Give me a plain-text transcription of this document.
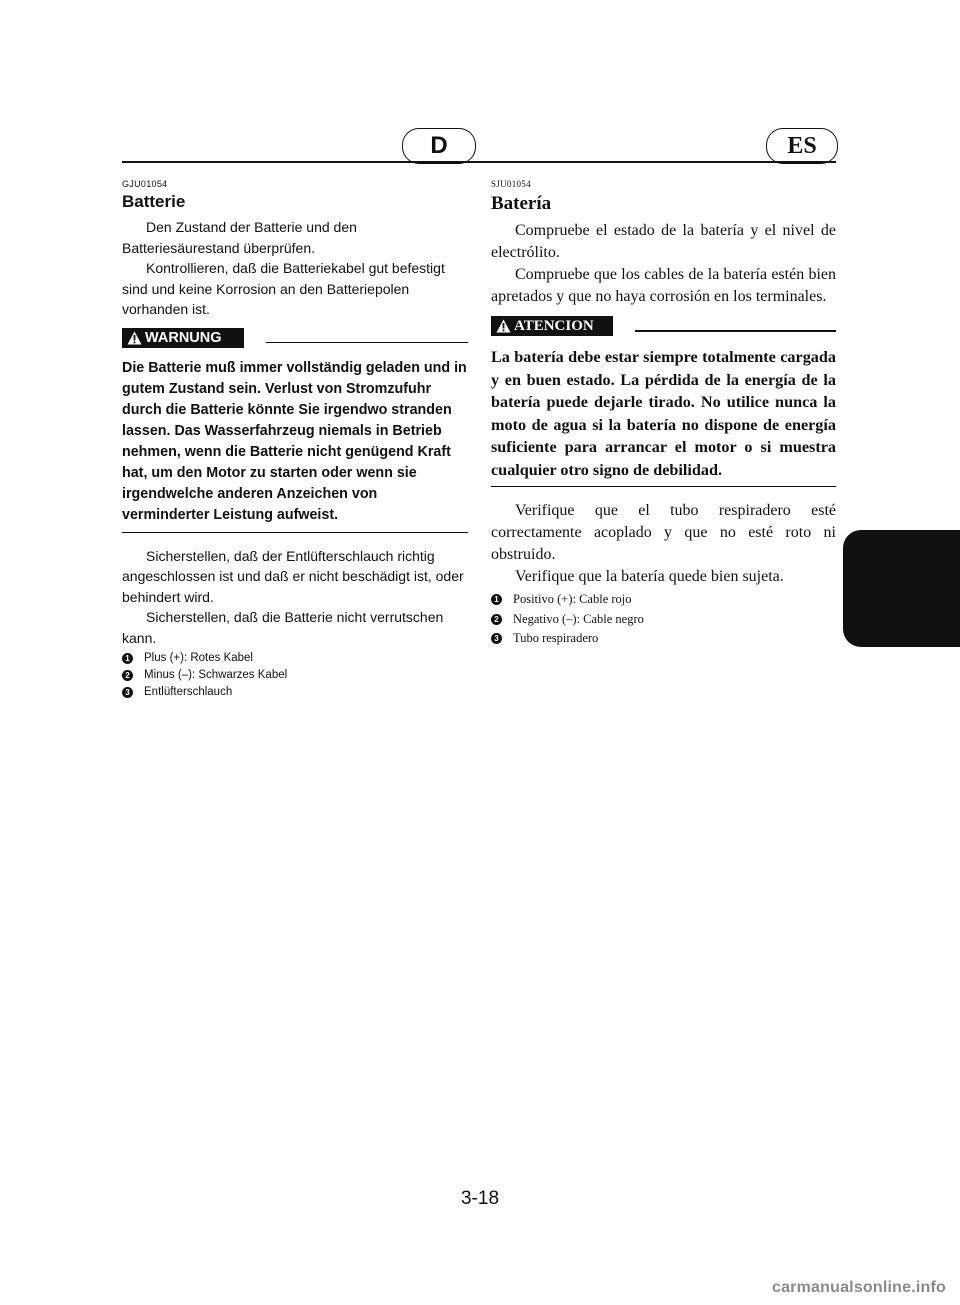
D	ES

GJU01054

Batterie

Den Zustand der Batterie und den Batteriesäurestand überprüfen.

Kontrollieren, daß die Batteriekabel gut befestigt sind und keine Korrosion an den Batteriepolen vorhanden ist.

WARNUNG

Die Batterie muß immer vollständig geladen und in gutem Zustand sein. Verlust von Stromzufuhr durch die Batterie könnte Sie irgendwo stranden lassen. Das Wasserfahrzeug niemals in Betrieb nehmen, wenn die Batterie nicht genügend Kraft hat, um den Motor zu starten oder wenn sie irgendwelche anderen Anzeichen von verminderter Leistung aufweist.

Sicherstellen, daß der Entlüfterschlauch richtig angeschlossen ist und daß er nicht beschädigt ist, oder behindert wird.

Sicherstellen, daß die Batterie nicht verrutschen kann.

1 Plus (+): Rotes Kabel
2 Minus (–): Schwarzes Kabel
3 Entlüfterschlauch

SJU01054

Batería

Compruebe el estado de la batería y el nivel de electrólito.

Compruebe que los cables de la batería estén bien apretados y que no haya corrosión en los terminales.

ATENCION

La batería debe estar siempre totalmente cargada y en buen estado. La pérdida de la energía de la batería puede dejarle tirado. No utilice nunca la moto de agua si la batería no dispone de energía suficiente para arrancar el motor o si muestra cualquier otro signo de debilidad.

Verifique que el tubo respiradero esté correctamente acoplado y que no esté roto ni obstruido.

Verifique que la batería quede bien sujeta.

1 Positivo (+): Cable rojo
2 Negativo (–): Cable negro
3 Tubo respiradero
3-18
carmanualsonline.info
